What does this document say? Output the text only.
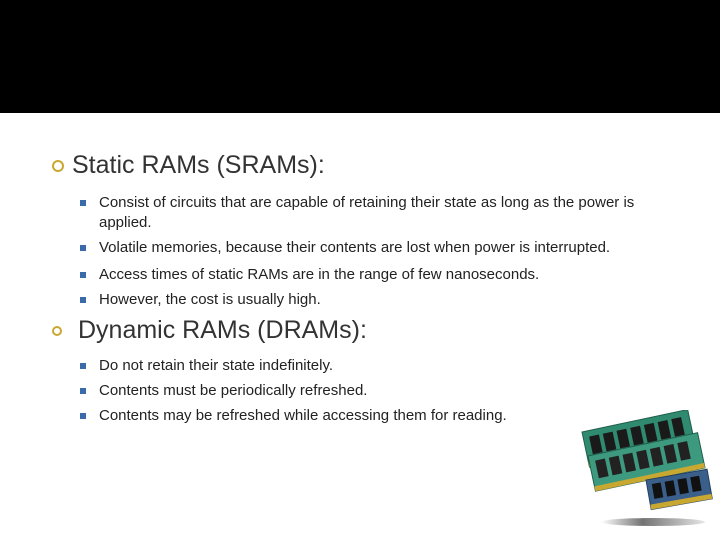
Static RAMs (SRAMs):
Consist of circuits that are capable of retaining their state as long as the power is applied.
Volatile memories, because their contents are lost when power is interrupted.
Access times of static RAMs are in the range of few nanoseconds.
However, the cost is usually high.
Dynamic RAMs (DRAMs):
Do not retain their state indefinitely.
Contents must be periodically refreshed.
Contents may be refreshed while accessing them for reading.
